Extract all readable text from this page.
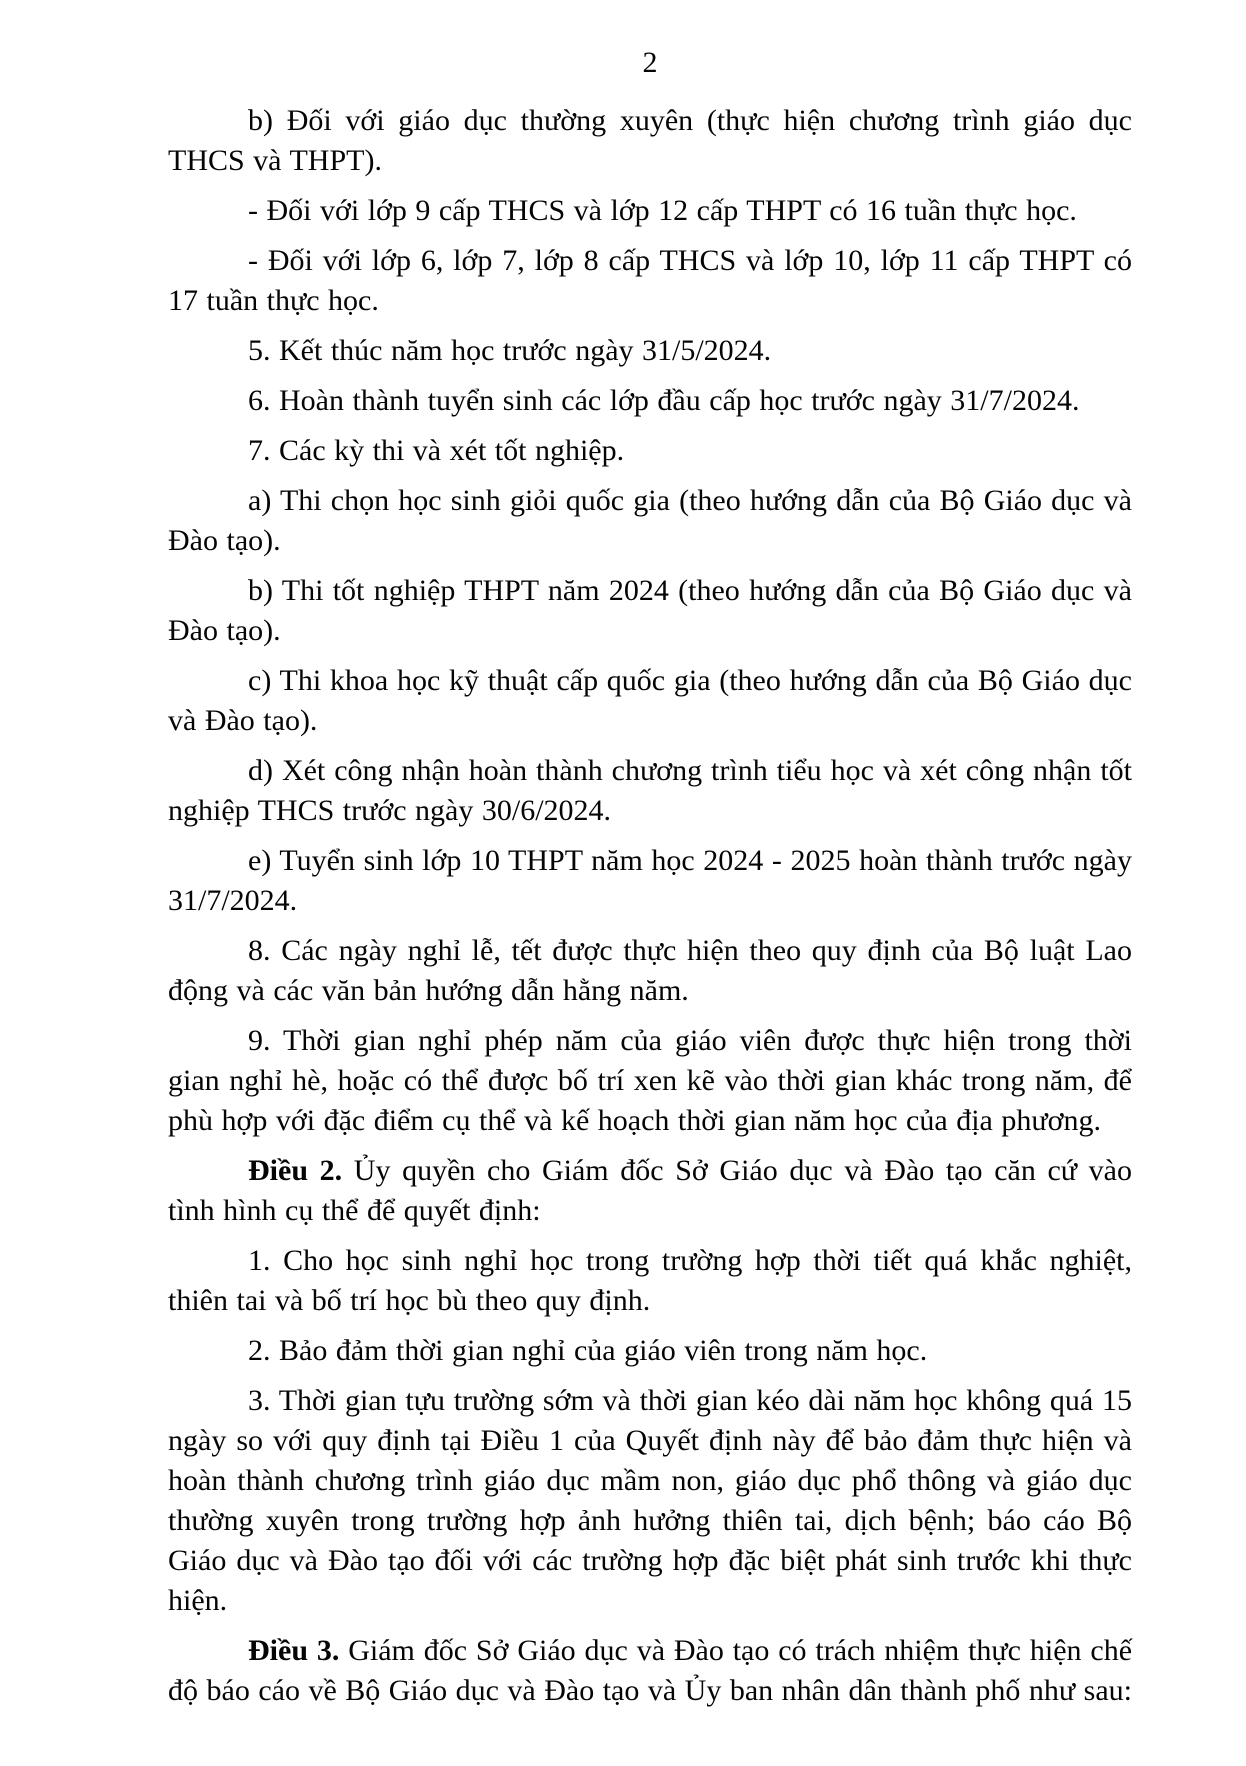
2

b) Đối với giáo dục thường xuyên (thực hiện chương trình giáo dục THCS và THPT).

- Đối với lớp 9 cấp THCS và lớp 12 cấp THPT có 16 tuần thực học.

- Đối với lớp 6, lớp 7, lớp 8 cấp THCS và lớp 10, lớp 11 cấp THPT có 17 tuần thực học.

5. Kết thúc năm học trước ngày 31/5/2024.

6. Hoàn thành tuyển sinh các lớp đầu cấp học trước ngày 31/7/2024.

7. Các kỳ thi và xét tốt nghiệp.

a) Thi chọn học sinh giỏi quốc gia (theo hướng dẫn của Bộ Giáo dục và Đào tạo).

b) Thi tốt nghiệp THPT năm 2024 (theo hướng dẫn của Bộ Giáo dục và Đào tạo).

c) Thi khoa học kỹ thuật cấp quốc gia (theo hướng dẫn của Bộ Giáo dục và Đào tạo).

d) Xét công nhận hoàn thành chương trình tiểu học và xét công nhận tốt nghiệp THCS trước ngày 30/6/2024.

e) Tuyển sinh lớp 10 THPT năm học 2024 - 2025 hoàn thành trước ngày 31/7/2024.

8. Các ngày nghỉ lễ, tết được thực hiện theo quy định của Bộ luật Lao động và các văn bản hướng dẫn hằng năm.

9. Thời gian nghỉ phép năm của giáo viên được thực hiện trong thời gian nghỉ hè, hoặc có thể được bố trí xen kẽ vào thời gian khác trong năm, để phù hợp với đặc điểm cụ thể và kế hoạch thời gian năm học của địa phương.

Điều 2. Ủy quyền cho Giám đốc Sở Giáo dục và Đào tạo căn cứ vào tình hình cụ thể để quyết định:

1. Cho học sinh nghỉ học trong trường hợp thời tiết quá khắc nghiệt, thiên tai và bố trí học bù theo quy định.

2. Bảo đảm thời gian nghỉ của giáo viên trong năm học.

3. Thời gian tựu trường sớm và thời gian kéo dài năm học không quá 15 ngày so với quy định tại Điều 1 của Quyết định này để bảo đảm thực hiện và hoàn thành chương trình giáo dục mầm non, giáo dục phổ thông và giáo dục thường xuyên trong trường hợp ảnh hưởng thiên tai, dịch bệnh; báo cáo Bộ Giáo dục và Đào tạo đối với các trường hợp đặc biệt phát sinh trước khi thực hiện.

Điều 3. Giám đốc Sở Giáo dục và Đào tạo có trách nhiệm thực hiện chế độ báo cáo về Bộ Giáo dục và Đào tạo và Ủy ban nhân dân thành phố như sau:
